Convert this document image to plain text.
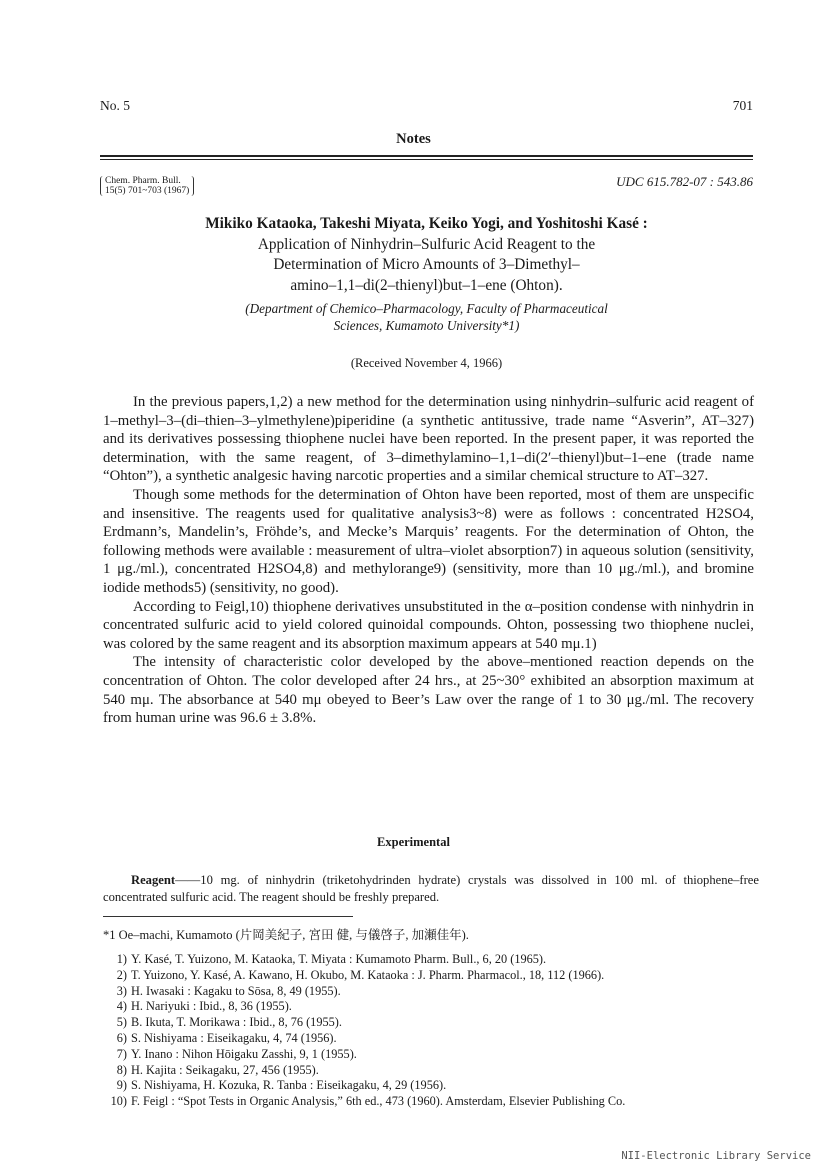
No. 5	701
Notes
Chem. Pharm. Bull.
15(5) 701~703 (1967)
UDC 615.782-07 : 543.86
Mikiko Kataoka, Takeshi Miyata, Keiko Yogi, and Yoshitoshi Kasé :
Application of Ninhydrin–Sulfuric Acid Reagent to the
Determination of Micro Amounts of 3–Dimethyl–
amino–1,1–di(2–thienyl)but–1–ene (Ohton).
(Department of Chemico–Pharmacology, Faculty of Pharmaceutical
Sciences, Kumamoto University*1)
(Received November 4, 1966)

In the previous papers,1,2) a new method for the determination using ninhydrin–sulfuric acid reagent of 1–methyl–3–(di–thien–3–ylmethylene)piperidine (a synthetic antitussive, trade name “Asverin”, AT–327) and its derivatives possessing thiophene nuclei have been reported. In the present paper, it was reported the determination, with the same reagent, of 3–dimethylamino–1,1–di(2′–thienyl)but–1–ene (trade name “Ohton”), a synthetic analgesic having narcotic properties and a similar chemical structure to AT–327.

Though some methods for the determination of Ohton have been reported, most of them are unspecific and insensitive. The reagents used for qualitative analysis3~8) were as follows : concentrated H2SO4, Erdmann’s, Mandelin’s, Fröhde’s, and Mecke’s Marquis’ reagents. For the determination of Ohton, the following methods were available : measurement of ultra–violet absorption7) in aqueous solution (sensitivity, 1 μg./ml.), concentrated H2SO4,8) and methylorange9) (sensitivity, more than 10 μg./ml.), and bromine iodide methods5) (sensitivity, no good).

According to Feigl,10) thiophene derivatives unsubstituted in the α–position condense with ninhydrin in concentrated sulfuric acid to yield colored quinoidal compounds. Ohton, possessing two thiophene nuclei, was colored by the same reagent and its absorption maximum appears at 540 mμ.1)

The intensity of characteristic color developed by the above–mentioned reaction depends on the concentration of Ohton. The color developed after 24 hrs., at 25~30° exhibited an absorption maximum at 540 mμ. The absorbance at 540 mμ obeyed to Beer’s Law over the range of 1 to 30 μg./ml. The recovery from human urine was 96.6 ± 3.8%.

Experimental

Reagent——10 mg. of ninhydrin (triketohydrinden hydrate) crystals was dissolved in 100 ml. of thiophene–free concentrated sulfuric acid. The reagent should be freshly prepared.

*1 Oe–machi, Kumamoto (片岡美紀子, 宮田 健, 与儀啓子, 加瀬佳年).
1) Y. Kasé, T. Yuizono, M. Kataoka, T. Miyata : Kumamoto Pharm. Bull., 6, 20 (1965).
2) T. Yuizono, Y. Kasé, A. Kawano, H. Okubo, M. Kataoka : J. Pharm. Pharmacol., 18, 112 (1966).
3) H. Iwasaki : Kagaku to Sōsa, 8, 49 (1955).
4) H. Nariyuki : Ibid., 8, 36 (1955).
5) B. Ikuta, T. Morikawa : Ibid., 8, 76 (1955).
6) S. Nishiyama : Eiseikagaku, 4, 74 (1956).
7) Y. Inano : Nihon Hōigaku Zasshi, 9, 1 (1955).
8) H. Kajita : Seikagaku, 27, 456 (1955).
9) S. Nishiyama, H. Kozuka, R. Tanba : Eiseikagaku, 4, 29 (1956).
10) F. Feigl : “Spot Tests in Organic Analysis,” 6th ed., 473 (1960). Amsterdam, Elsevier Publishing Co.
NII-Electronic Library Service
